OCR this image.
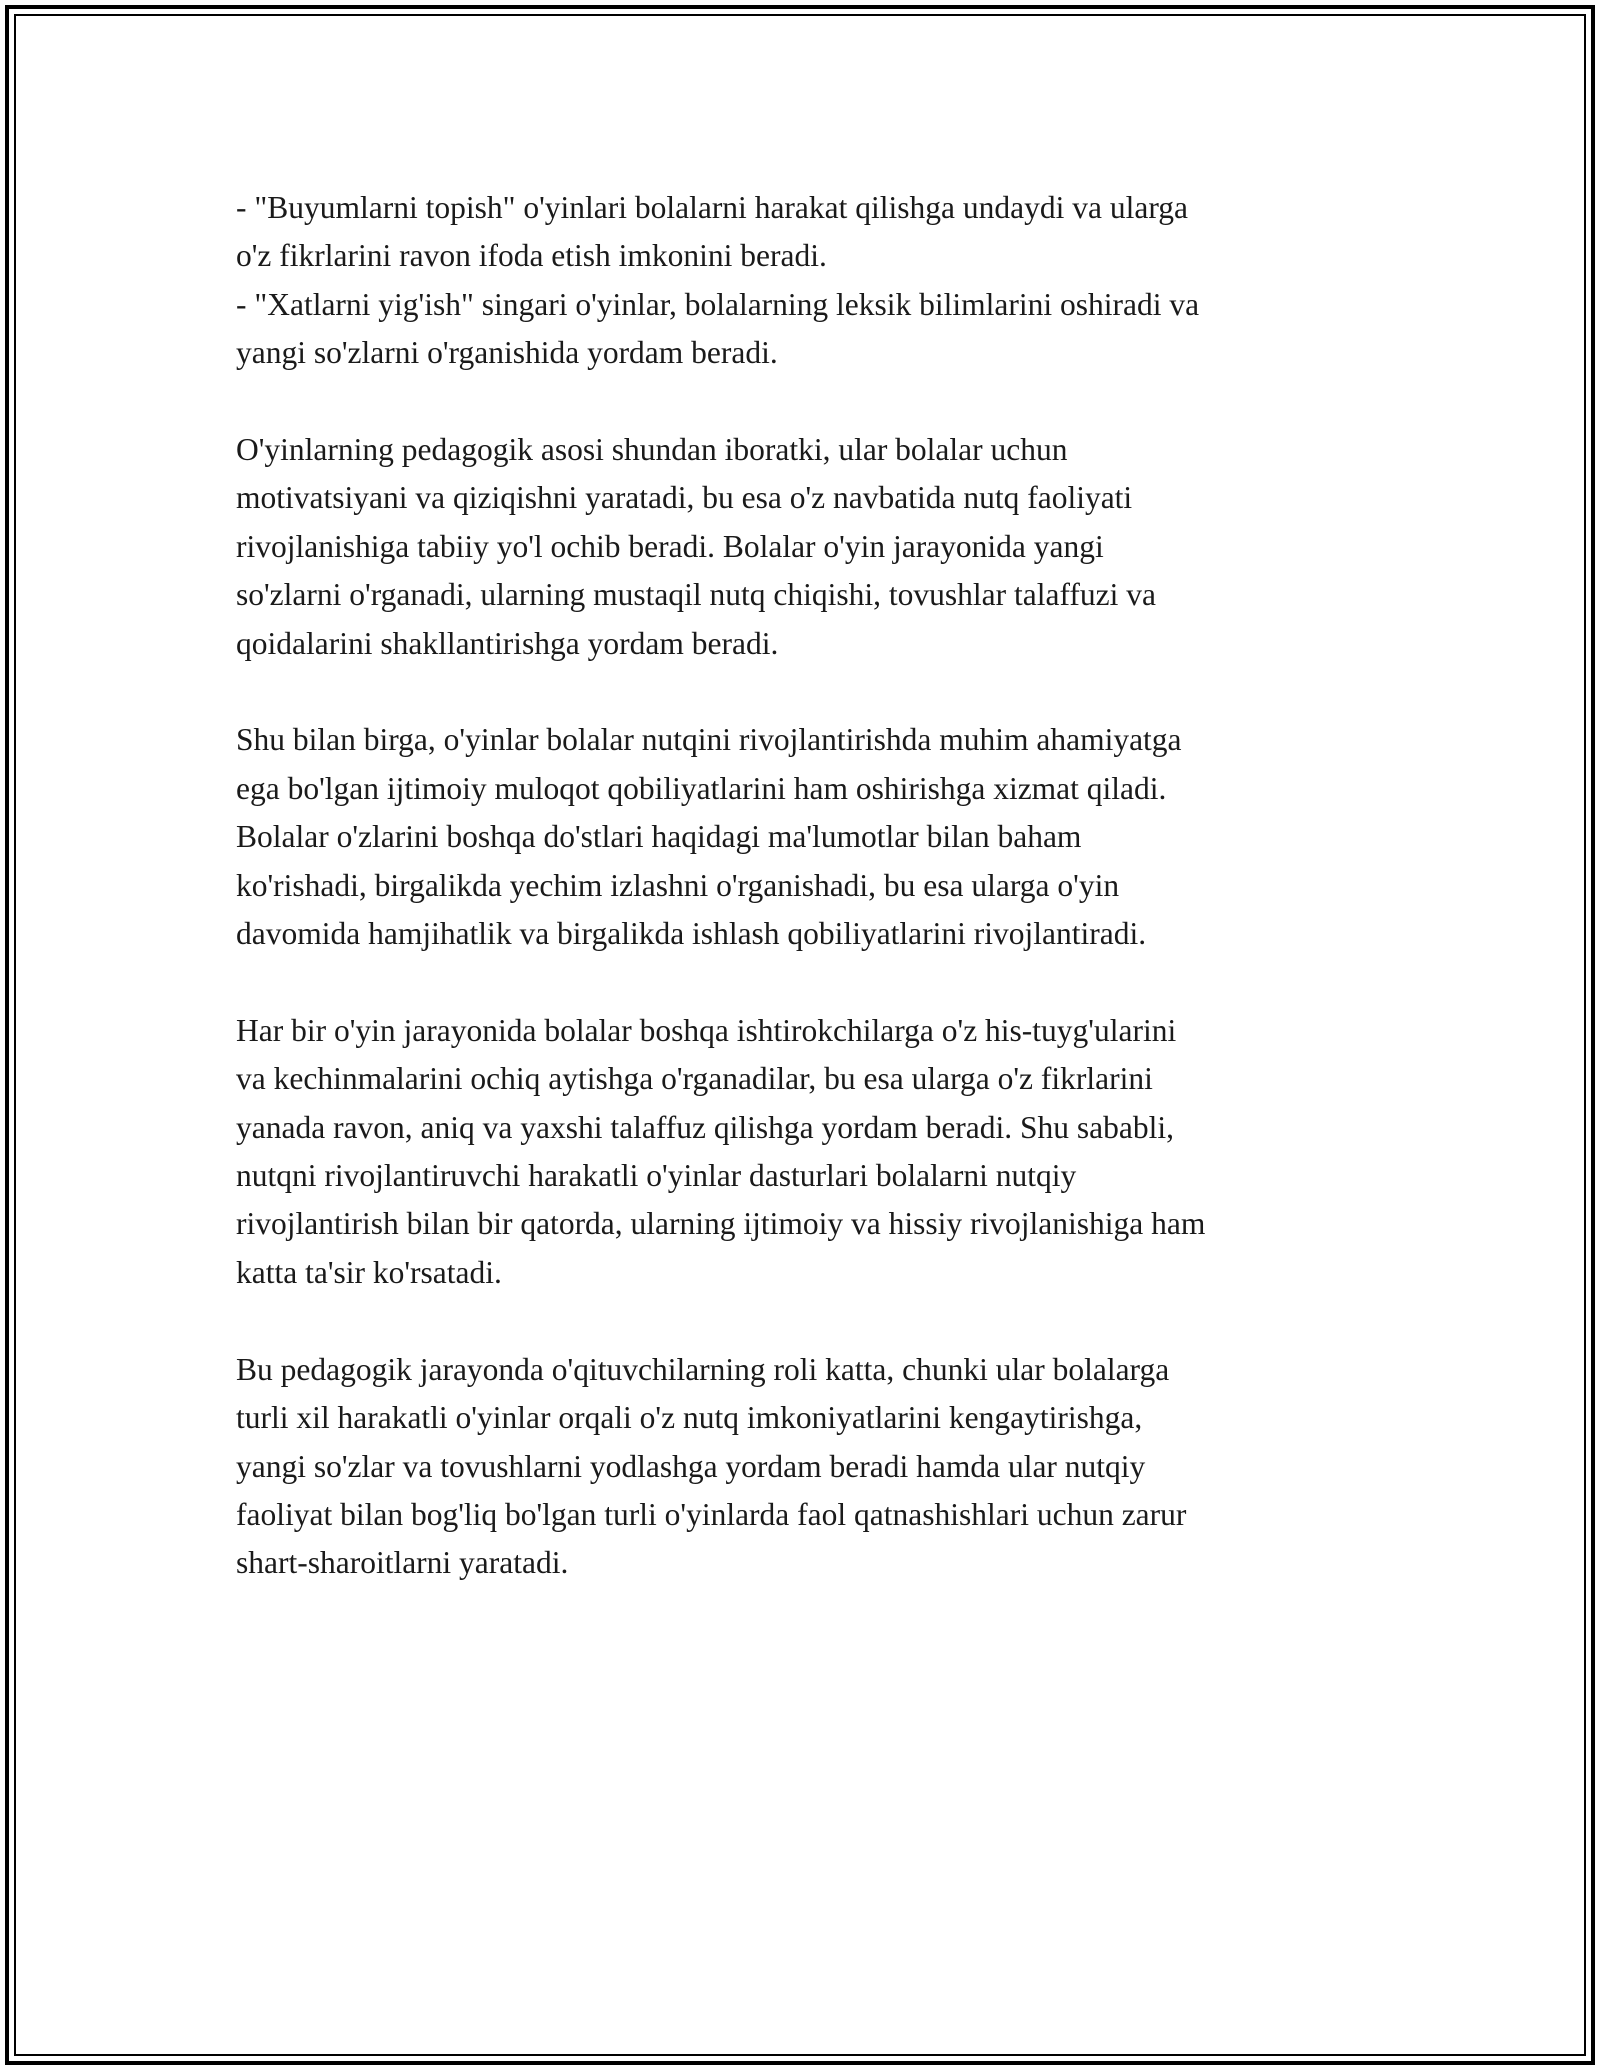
- "Buyumlarni topish" o'yinlari bolalarni harakat qilishga undaydi va ularga
o'z fikrlarini ravon ifoda etish imkonini beradi.
- "Xatlarni yig'ish" singari o'yinlar, bolalarning leksik bilimlarini oshiradi va
yangi so'zlarni o'rganishida yordam beradi.

O'yinlarning pedagogik asosi shundan iboratki, ular bolalar uchun
motivatsiyani va qiziqishni yaratadi, bu esa o'z navbatida nutq faoliyati
rivojlanishiga tabiiy yo'l ochib beradi. Bolalar o'yin jarayonida yangi
so'zlarni o'rganadi, ularning mustaqil nutq chiqishi, tovushlar talaffuzi va
qoidalarini shakllantirishga yordam beradi.

Shu bilan birga, o'yinlar bolalar nutqini rivojlantirishda muhim ahamiyatga
ega bo'lgan ijtimoiy muloqot qobiliyatlarini ham oshirishga xizmat qiladi.
Bolalar o'zlarini boshqa do'stlari haqidagi ma'lumotlar bilan baham
ko'rishadi, birgalikda yechim izlashni o'rganishadi, bu esa ularga o'yin
davomida hamjihatlik va birgalikda ishlash qobiliyatlarini rivojlantiradi.

Har bir o'yin jarayonida bolalar boshqa ishtirokchilarga o'z his-tuyg'ularini
va kechinmalarini ochiq aytishga o'rganadilar, bu esa ularga o'z fikrlarini
yanada ravon, aniq va yaxshi talaffuz qilishga yordam beradi. Shu sababli,
nutqni rivojlantiruvchi harakatli o'yinlar dasturlari bolalarni nutqiy
rivojlantirish bilan bir qatorda, ularning ijtimoiy va hissiy rivojlanishiga ham
katta ta'sir ko'rsatadi.

Bu pedagogik jarayonda o'qituvchilarning roli katta, chunki ular bolalarga
turli xil harakatli o'yinlar orqali o'z nutq imkoniyatlarini kengaytirishga,
yangi so'zlar va tovushlarni yodlashga yordam beradi hamda ular nutqiy
faoliyat bilan bog'liq bo'lgan turli o'yinlarda faol qatnashishlari uchun zarur
shart-sharoitlarni yaratadi.
